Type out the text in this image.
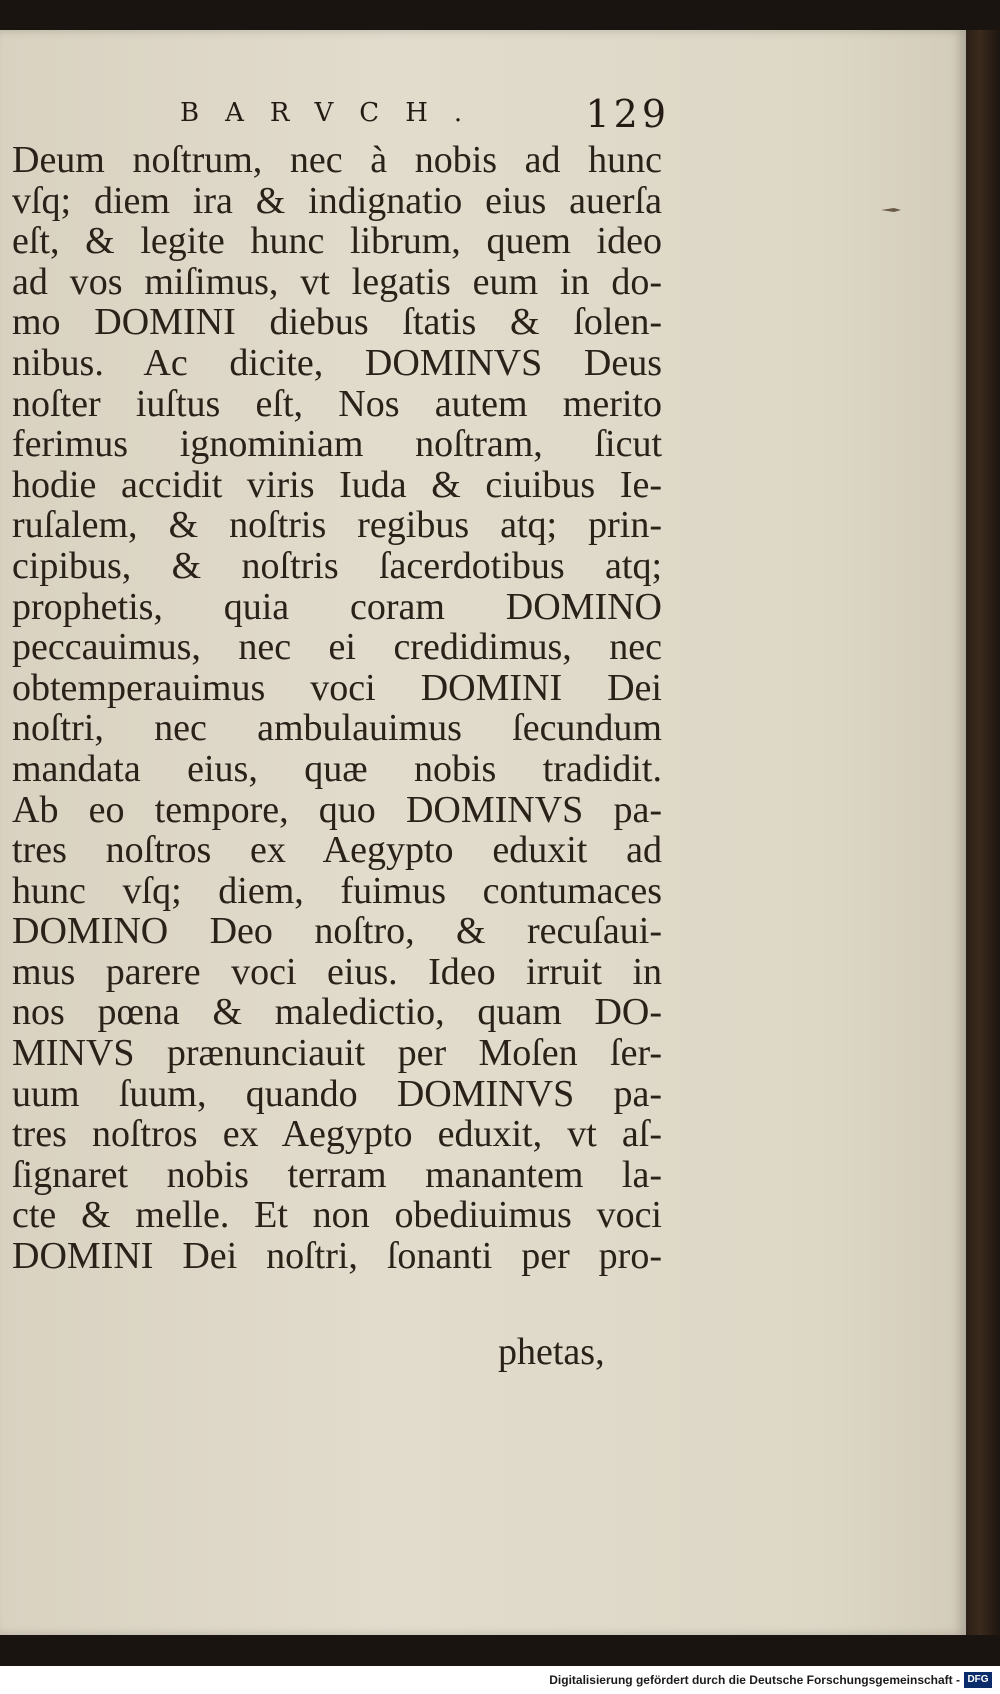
BARVCH.	129
Deum noſtrum, nec à nobis ad hunc
vſq; diem ira & indignatio eius auerſa
eſt, & legite hunc librum, quem ideo
ad vos miſimus, vt legatis eum in do-
mo DOMINI diebus ſtatis & ſolen-
nibus. Ac dicite, DOMINVS Deus
noſter iuſtus eſt, Nos autem merito
ferimus ignominiam noſtram, ſicut
hodie accidit viris Iuda & ciuibus Ie-
ruſalem, & noſtris regibus atq; prin-
cipibus, & noſtris ſacerdotibus atq;
prophetis, quia coram DOMINO
peccauimus, nec ei credidimus, nec
obtemperauimus voci DOMINI Dei
noſtri, nec ambulauimus ſecundum
mandata eius, quæ nobis tradidit.
Ab eo tempore, quo DOMINVS pa-
tres noſtros ex Aegypto eduxit ad
hunc vſq; diem, fuimus contumaces
DOMINO Deo noſtro, & recuſaui-
mus parere voci eius. Ideo irruit in
nos pœna & maledictio, quam DO-
MINVS prænunciauit per Moſen ſer-
uum ſuum, quando DOMINVS pa-
tres noſtros ex Aegypto eduxit, vt aſ-
ſignaret nobis terram manantem la-
cte & melle. Et non obediuimus voci
DOMINI Dei noſtri, ſonanti per pro-
phetas,
Digitalisierung gefördert durch die Deutsche Forschungsgemeinschaft - DFG
